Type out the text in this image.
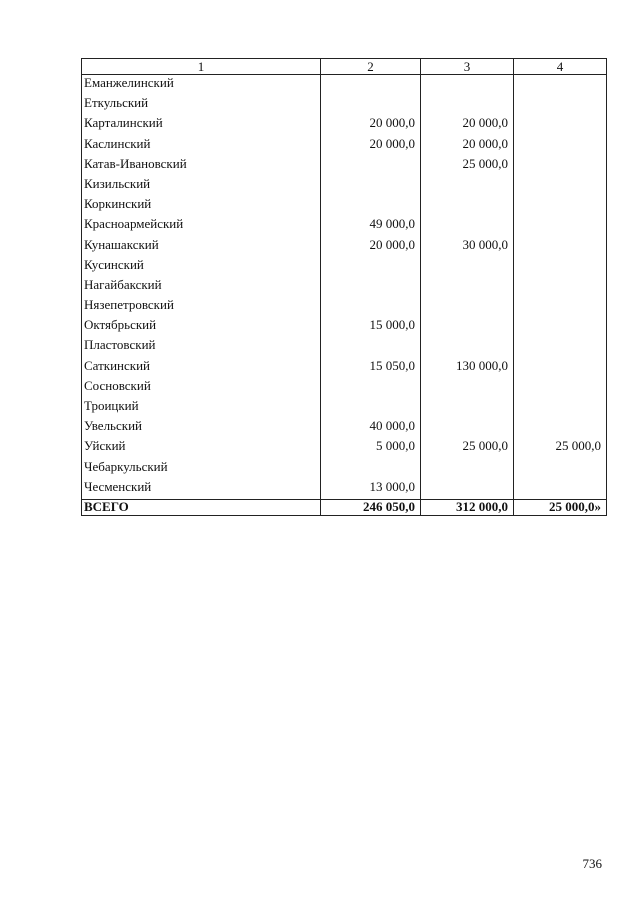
1	2	3	4
Еманжелинский			
Еткульский			
Карталинский	20 000,0	20 000,0	
Каслинский	20 000,0	20 000,0	
Катав-Ивановский		25 000,0	
Кизильский			
Коркинский			
Красноармейский	49 000,0		
Кунашакский	20 000,0	30 000,0	
Кусинский			
Нагайбакский			
Нязепетровский			
Октябрьский	15 000,0		
Пластовский			
Саткинский	15 050,0	130 000,0	
Сосновский			
Троицкий			
Увельский	40 000,0		
Уйский	5 000,0	25 000,0	25 000,0
Чебаркульский			
Чесменский	13 000,0		
ВСЕГО	246 050,0	312 000,0	25 000,0»
736
